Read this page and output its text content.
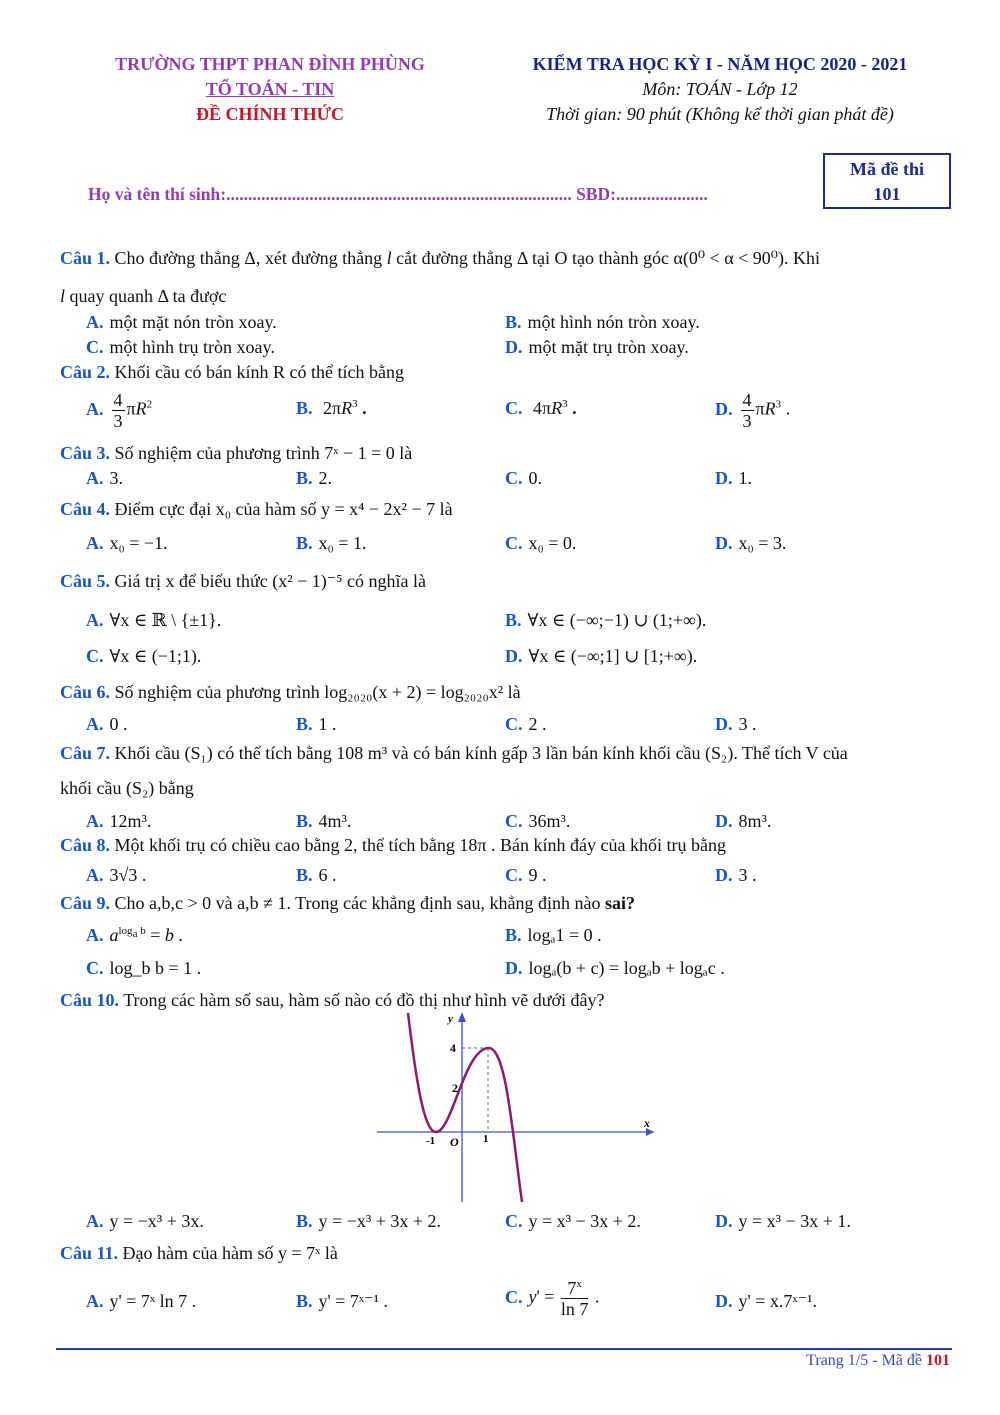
TRƯỜNG THPT PHAN ĐÌNH PHÙNG
TỔ TOÁN - TIN
ĐỀ CHÍNH THỨC
KIỂM TRA HỌC KỲ I - NĂM HỌC 2020 - 2021
Môn: TOÁN - Lớp 12
Thời gian: 90 phút (Không kể thời gian phát đề)
Mã đề thi
101
Họ và tên thí sinh:............................................................................... SBD:.....................
Câu 1. Cho đường thẳng Δ, xét đường thẳng l cắt đường thẳng Δ tại O tạo thành góc α(0⁰ < α < 90⁰). Khi
l quay quanh Δ ta được
A. một mặt nón tròn xoay.	B. một hình nón tròn xoay.
C. một hình trụ tròn xoay.	D. một mặt trụ tròn xoay.
Câu 2. Khối cầu có bán kính R có thể tích bằng
A. $\frac{4}{3} \pi R^2$	B. $2\pi R^3$ .	C. $4\pi R^3$ .	D. $\frac{4}{3} \pi R^3$ .
Câu 3. Số nghiệm của phương trình 7ˣ − 1 = 0 là
A. 3.	B. 2.	C. 0.	D. 1.
Câu 4. Điểm cực đại x₀ của hàm số y = x⁴ − 2x² − 7 là
A. x₀ = −1.	B. x₀ = 1.	C. x₀ = 0.	D. x₀ = 3.
Câu 5. Giá trị x để biểu thức (x² − 1)⁻⁵ có nghĩa là
A. ∀x ∈ ℝ \ {±1}.	B. ∀x ∈ (−∞;−1) ∪ (1;+∞).
C. ∀x ∈ (−1;1).	D. ∀x ∈ (−∞;1] ∪ [1;+∞).
Câu 6. Số nghiệm của phương trình log₂₀₂₀(x + 2) = log₂₀₂₀x² là
A. 0 .	B. 1 .	C. 2 .	D. 3 .
Câu 7. Khối cầu (S₁) có thể tích bằng 108 m³ và có bán kính gấp 3 lần bán kính khối cầu (S₂). Thể tích V của
khối cầu (S₂) bằng
A. 12m³.	B. 4m³.	C. 36m³.	D. 8m³.
Câu 8. Một khối trụ có chiều cao bằng 2, thể tích bằng 18π . Bán kính đáy của khối trụ bằng
A. 3√3 .	B. 6 .	C. 9 .	D. 3 .
Câu 9. Cho a,b,c > 0 và a,b ≠ 1. Trong các khẳng định sau, khẳng định nào sai?
A. $a^{log_a b} = b$ .	B. logₐ1 = 0 .
C. log_b b = 1 .	D. logₐ(b + c) = logₐb + logₐc .
Câu 10. Trong các hàm số sau, hàm số nào có đồ thị như hình vẽ dưới đây?
y
x
4
2
O
-1	1
A. y = −x³ + 3x.	B. y = −x³ + 3x + 2.	C. y = x³ − 3x + 2.	D. y = x³ − 3x + 1.
Câu 11. Đạo hàm của hàm số y = 7ˣ là
A. y' = 7ˣ ln 7 .	B. y' = 7ˣ⁻¹ .	C. $y' = \frac{7^x}{\ln 7}$ .	D. y' = x.7ˣ⁻¹.
Trang 1/5 - Mã đề 101
